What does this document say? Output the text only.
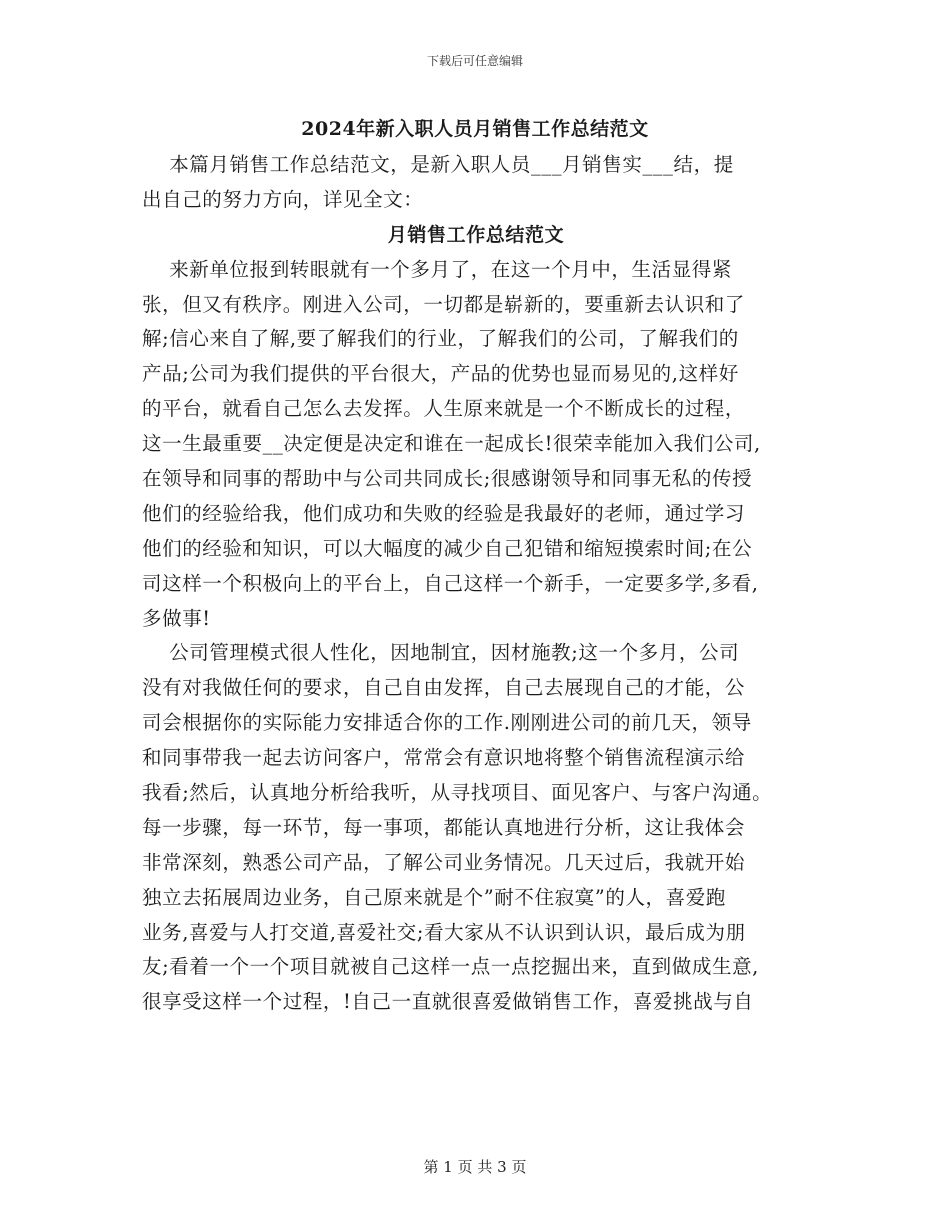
下载后可任意编辑
2024年新入职人员月销售工作总结范文
本篇月销售工作总结范文，是新入职人员___月销售实___结，提
出自己的努力方向，详见全文：
月销售工作总结范文
来新单位报到转眼就有一个多月了，在这一个月中，生活显得紧
张，但又有秩序。刚进入公司，一切都是崭新的，要重新去认识和了
解;信心来自了解,要了解我们的行业，了解我们的公司，了解我们的
产品;公司为我们提供的平台很大，产品的优势也显而易见的,这样好
的平台，就看自己怎么去发挥。人生原来就是一个不断成长的过程，
这一生最重要__决定便是决定和谁在一起成长!很荣幸能加入我们公司,
在领导和同事的帮助中与公司共同成长;很感谢领导和同事无私的传授
他们的经验给我，他们成功和失败的经验是我最好的老师，通过学习
他们的经验和知识，可以大幅度的减少自己犯错和缩短摸索时间;在公
司这样一个积极向上的平台上，自己这样一个新手，一定要多学,多看,
多做事!
公司管理模式很人性化，因地制宜，因材施教;这一个多月，公司
没有对我做任何的要求，自己自由发挥，自己去展现自己的才能，公
司会根据你的实际能力安排适合你的工作.刚刚进公司的前几天，领导
和同事带我一起去访问客户，常常会有意识地将整个销售流程演示给
我看;然后，认真地分析给我听，从寻找项目、面见客户、与客户沟通。
每一步骤，每一环节，每一事项，都能认真地进行分析，这让我体会
非常深刻，熟悉公司产品，了解公司业务情况。几天过后，我就开始
独立去拓展周边业务，自己原来就是个”耐不住寂寞”的人，喜爱跑
业务,喜爱与人打交道,喜爱社交;看大家从不认识到认识，最后成为朋
友;看着一个一个项目就被自己这样一点一点挖掘出来，直到做成生意,
很享受这样一个过程，!自己一直就很喜爱做销售工作，喜爱挑战与自
第 1 页 共 3 页
